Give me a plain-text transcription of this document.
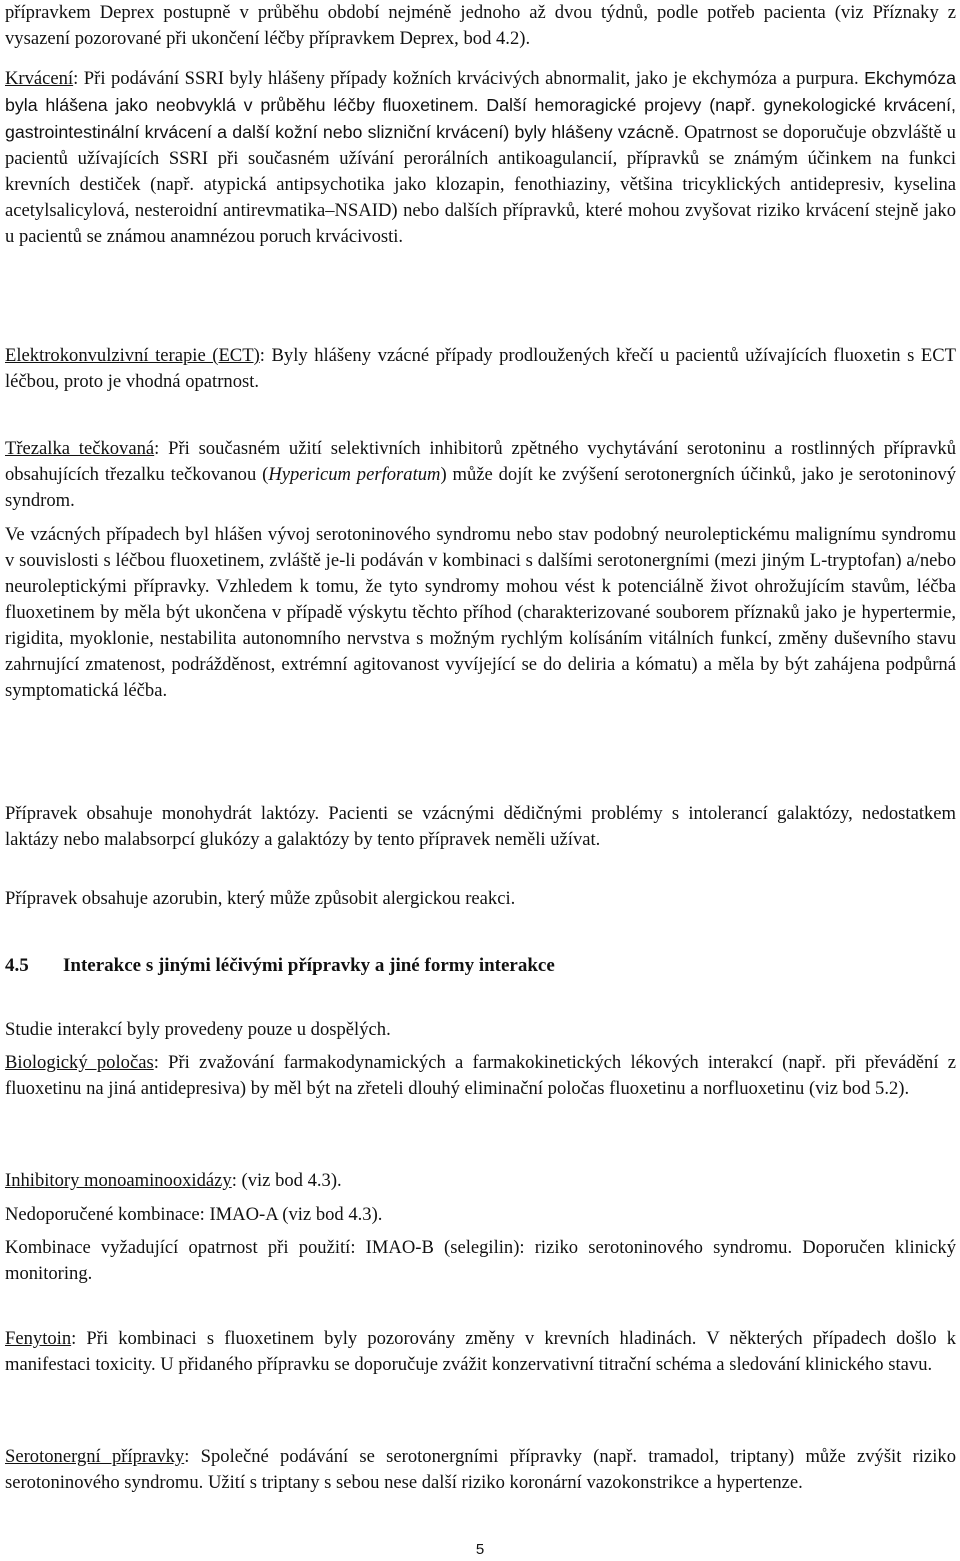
přípravkem Deprex postupně v průběhu období nejméně jednoho až dvou týdnů, podle potřeb pacienta (viz Příznaky z vysazení pozorované při ukončení léčby přípravkem Deprex, bod 4.2).

Krvácení: Při podávání SSRI byly hlášeny případy kožních krvácivých abnormalit, jako je ekchymóza a purpura. Ekchymóza byla hlášena jako neobvyklá v průběhu léčby fluoxetinem. Další hemoragické projevy (např. gynekologické krvácení, gastrointestinální krvácení a další kožní nebo slizniční krvácení) byly hlášeny vzácně. Opatrnost se doporučuje obzvláště u pacientů užívajících SSRI při současném užívání perorálních antikoagulancií, přípravků se známým účinkem na funkci krevních destiček (např. atypická antipsychotika jako klozapin, fenothiaziny, většina tricyklických antidepresiv, kyselina acetylsalicylová, nesteroidní antirevmatika–NSAID) nebo dalších přípravků, které mohou zvyšovat riziko krvácení stejně jako u pacientů se známou anamnézou poruch krvácivosti.

Elektrokonvulzivní terapie (ECT): Byly hlášeny vzácné případy prodloužených křečí u pacientů užívajících fluoxetin s ECT léčbou, proto je vhodná opatrnost.

Třezalka tečkovaná: Při současném užití selektivních inhibitorů zpětného vychytávání serotoninu a rostlinných přípravků obsahujících třezalku tečkovanou (Hypericum perforatum) může dojít ke zvýšení serotonergních účinků, jako je serotoninový syndrom.

Ve vzácných případech byl hlášen vývoj serotoninového syndromu nebo stav podobný neuroleptickému malignímu syndromu v souvislosti s léčbou fluoxetinem, zvláště je-li podáván v kombinaci s dalšími serotonergními (mezi jiným L-tryptofan) a/nebo neuroleptickými přípravky. Vzhledem k tomu, že tyto syndromy mohou vést k potenciálně život ohrožujícím stavům, léčba fluoxetinem by měla být ukončena v případě výskytu těchto příhod (charakterizované souborem příznaků jako je hypertermie, rigidita, myoklonie, nestabilita autonomního nervstva s možným rychlým kolísáním vitálních funkcí, změny duševního stavu zahrnující zmatenost, podrážděnost, extrémní agitovanost vyvíjející se do deliria a kómatu) a měla by být zahájena podpůrná symptomatická léčba.

Přípravek obsahuje monohydrát laktózy. Pacienti se vzácnými dědičnými problémy s intolerancí galaktózy, nedostatkem laktázy nebo malabsorpcí glukózy a galaktózy by tento přípravek neměli užívat.

Přípravek obsahuje azorubin, který může způsobit alergickou reakci.

4.5 Interakce s jinými léčivými přípravky a jiné formy interakce

Studie interakcí byly provedeny pouze u dospělých.

Biologický poločas: Při zvažování farmakodynamických a farmakokinetických lékových interakcí (např. při převádění z fluoxetinu na jiná antidepresiva) by měl být na zřeteli dlouhý eliminační poločas fluoxetinu a norfluoxetinu (viz bod 5.2).

Inhibitory monoaminooxidázy: (viz bod 4.3).

Nedoporučené kombinace: IMAO-A (viz bod 4.3).

Kombinace vyžadující opatrnost při použití: IMAO-B (selegilin): riziko serotoninového syndromu. Doporučen klinický monitoring.

Fenytoin: Při kombinaci s fluoxetinem byly pozorovány změny v krevních hladinách. V některých případech došlo k manifestaci toxicity. U přidaného přípravku se doporučuje zvážit konzervativní titrační schéma a sledování klinického stavu.

Serotonergní přípravky: Společné podávání se serotonergními přípravky (např. tramadol, triptany) může zvýšit riziko serotoninového syndromu. Užití s triptany s sebou nese další riziko koronární vazokonstrikce a hypertenze.

5
